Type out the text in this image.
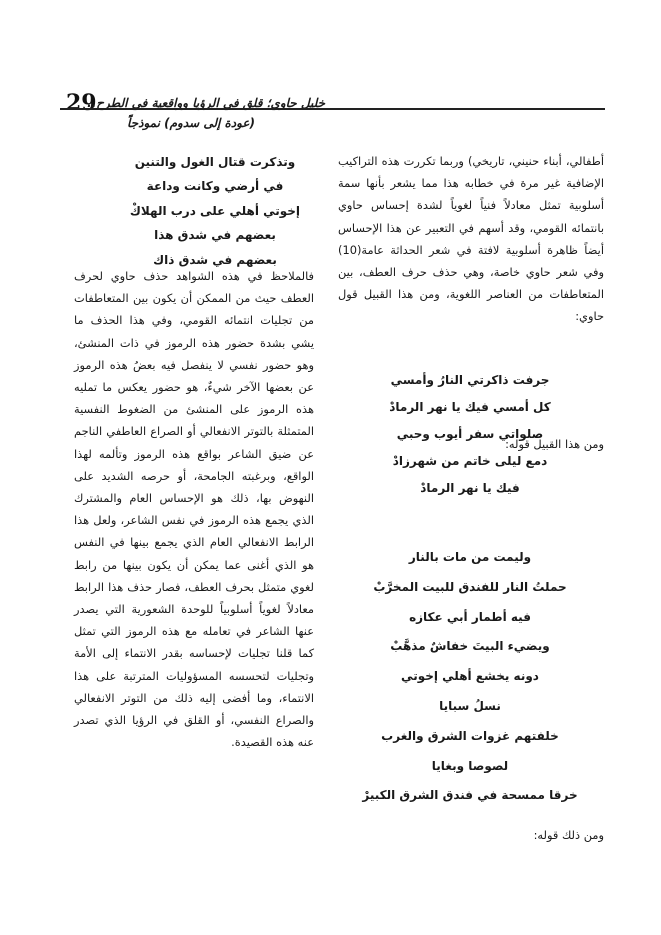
29
خليل حاوي؛ قلق في الرؤيا وواقعية في الطرح..
(عودة إلى سدوم) نموذجاً
أطفالي، أبناء حنيني، تاريخي) وربما تكررت هذه التراكيب الإضافية غير مرة في خطابه هذا مما يشعر بأنها سمة أسلوبية تمثل معادلاً فنياً لغوياً لشدة إحساس حاوي بانتمائه القومي، وقد أسهم في التعبير عن هذا الإحساس أيضاً ظاهرة أسلوبية لافتة في شعر الحداثة عامة(10) وفي شعر حاوي خاصة، وهي حذف حرف العطف، بين المتعاطفات من العناصر اللغوية، ومن هذا القبيل قول حاوي:
جرفت ذاكرتي النارُ وأمسي
كل أمسي فيك يا نهر الرمادْ
صلواتي سفر أيوب وحبي
دمع ليلى خاتم من شهرزادْ
فيك يا نهر الرمادْ
ومن هذا القبيل قوله:
وليمت من مات بالنار
حملتُ النار للفندق للبيت المخرَّبْ
فيه أطمار أبي عكازه
ويضيء البيتَ خفاشٌ مذهَّبْ
دونه يخشع أهلي إخوتي
نسلُ سبايا
خلفتهم غزوات الشرق والغرب
لصوصا وبغايا
خرقا ممسحة في فندق الشرق الكبيرْ
ومن ذلك قوله:
وتذكرت قتال الغول والتنين
في أرضي وكانت وداعة
إخوتي أهلي على درب الهلاكْ
بعضهم في شدق هذا
بعضهم في شدق ذاك
فالملاحظ في هذه الشواهد حذف حاوي لحرف العطف حيث من الممكن أن يكون بين المتعاطفات من تجليات انتمائه القومي، وفي هذا الحذف ما يشي بشدة حضور هذه الرموز في ذات المنشئ، وهو حضور نفسي لا ينفصل فيه بعضُ هذه الرموز عن بعضها الآخر شيءٌ، هو حضور يعكس ما تمليه هذه الرموز على المنشئ من الضغوط النفسية المتمثلة بالتوتر الانفعالي أو الصراع العاطفي الناجم عن ضيق الشاعر بواقع هذه الرموز وتألمه لهذا الواقع، وبرغبته الجامحة، أو حرصه الشديد على النهوض بها، ذلك هو الإحساس العام والمشترك الذي يجمع هذه الرموز في نفس الشاعر، ولعل هذا الرابط الانفعالي العام الذي يجمع بينها في النفس هو الذي أغنى عما يمكن أن يكون بينها من رابط لغوي متمثل بحرف العطف، فصار حذف هذا الرابط معادلاً لغوياً أسلوبياً للوحدة الشعورية التي يصدر عنها الشاعر في تعامله مع هذه الرموز التي تمثل كما قلنا تجليات لإحساسه بقدر الانتماء إلى الأمة وتجليات لتحسسه المسؤوليات المترتبة على هذا الانتماء، وما أفضى إليه ذلك من التوتر الانفعالي والصراع النفسي، أو القلق في الرؤيا الذي تصدر عنه هذه القصيدة.
